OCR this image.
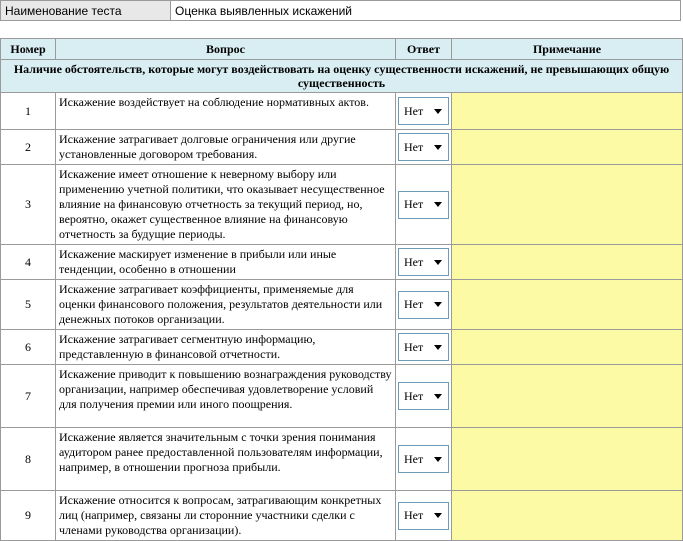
Наименование теста	Оценка выявленных искажений
Номер	Вопрос	Ответ	Примечание
Наличие обстоятельств, которые могут воздействовать на оценку существенности искажений, не превышающих общую существенность			
1	Искажение воздействует на соблюдение нормативных актов.	Нет	

2	Искажение затрагивает долговые ограничения или другие установленные договором требования.	Нет	

3	Искажение имеет отношение к неверному выбору или применению учетной политики, что оказывает несущественное влияние на финансовую отчетность за текущий период, но, вероятно, окажет существенное влияние на финансовую отчетность за будущие периоды.	Нет	

4	Искажение маскирует изменение в прибыли или иные тенденции, особенно в отношении	Нет	

5	Искажение затрагивает коэффициенты, применяемые для оценки финансового положения, результатов деятельности или денежных потоков организации.	Нет	

6	Искажение затрагивает сегментную информацию, представленную в финансовой отчетности.	Нет	

7	Искажение приводит к повышению вознаграждения руководству организации, например обеспечивая удовлетворение условий для получения премии или иного поощрения.	Нет	

8	Искажение является значительным с точки зрения понимания аудитором ранее предоставленной пользователям информации, например, в отношении прогноза прибыли.	Нет	

9	Искажение относится к вопросам, затрагивающим конкретных лиц (например, связаны ли сторонние участники сделки с членами руководства организации).	Нет	
